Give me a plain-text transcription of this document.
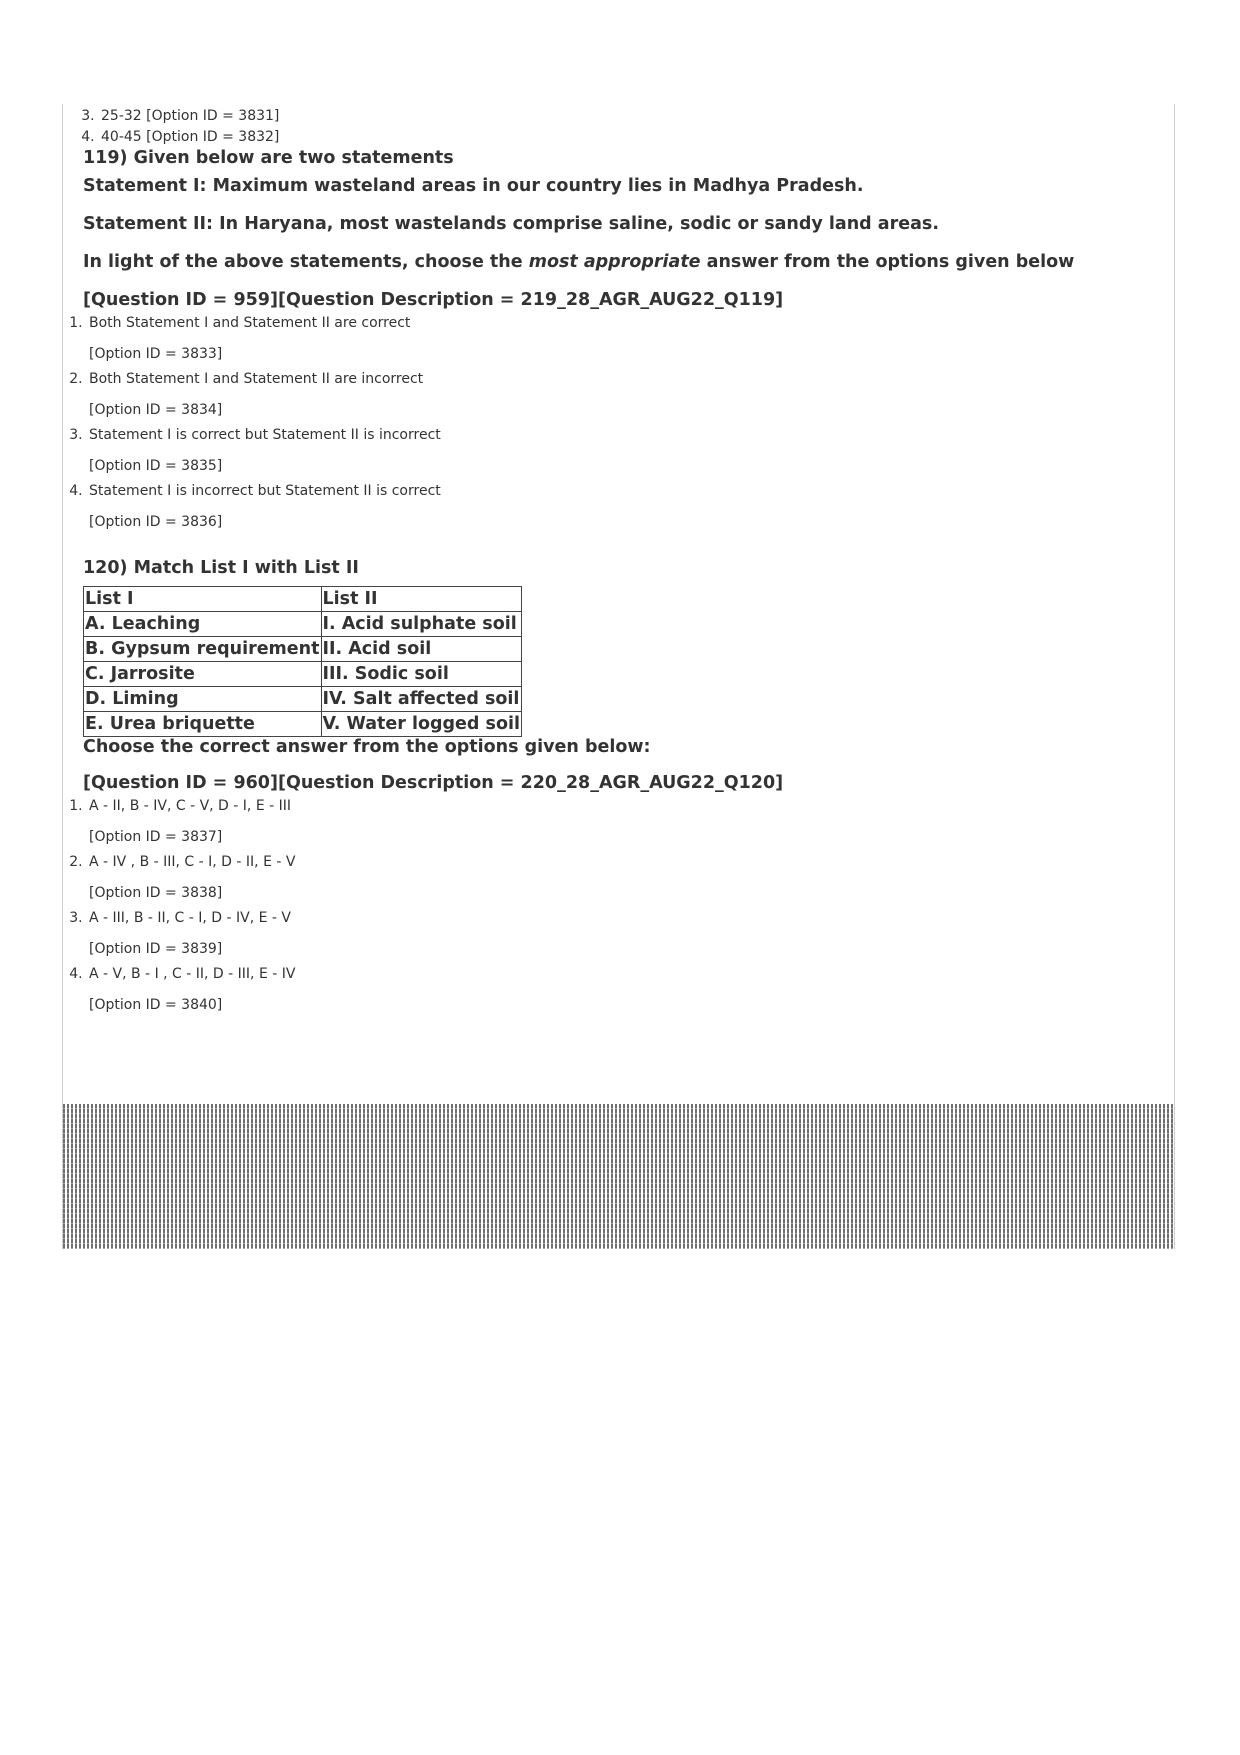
3. 25-32 [Option ID = 3831]
4. 40-45 [Option ID = 3832]

119) Given below are two statements

Statement I: Maximum wasteland areas in our country lies in Madhya Pradesh.

Statement II: In Haryana, most wastelands comprise saline, sodic or sandy land areas.

In light of the above statements, choose the most appropriate answer from the options given below

[Question ID = 959][Question Description = 219_28_AGR_AUG22_Q119]

1. Both Statement I and Statement II are correct
[Option ID = 3833]
2. Both Statement I and Statement II are incorrect
[Option ID = 3834]
3. Statement I is correct but Statement II is incorrect
[Option ID = 3835]
4. Statement I is incorrect but Statement II is correct
[Option ID = 3836]

120) Match List I with List II

List I	List II
A. Leaching	I. Acid sulphate soil
B. Gypsum requirement	II. Acid soil
C. Jarrosite	III. Sodic soil
D. Liming	IV. Salt affected soil
E. Urea briquette	V. Water logged soil

Choose the correct answer from the options given below:

[Question ID = 960][Question Description = 220_28_AGR_AUG22_Q120]

1. A - II, B - IV, C - V, D - I, E - III
[Option ID = 3837]
2. A - IV , B - III, C - I, D - II, E - V
[Option ID = 3838]
3. A - III, B - II, C - I, D - IV, E - V
[Option ID = 3839]
4. A - V, B - I , C - II, D - III, E - IV
[Option ID = 3840]
